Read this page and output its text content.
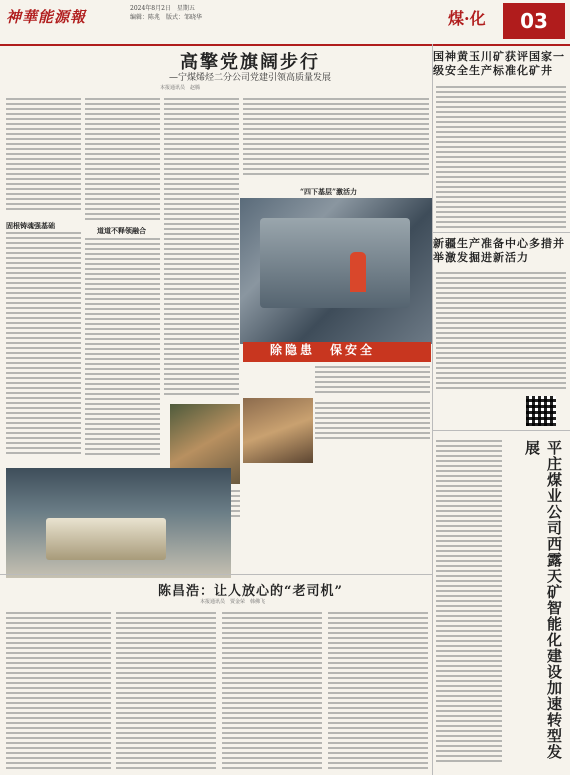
神華能源報	2024年8月2日　星期五
编辑：陈兆　版式：邹晓华	煤·化	03
高擎党旗阔步行
—宁煤烯烃二分公司党建引领高质量发展
本报通讯员　赵腾
固根铸魂强基础
道道不释领融合
“四下基层”激活力
除隐患　保安全
陈昌浩：让人放心的“老司机”
本报通讯员　贾金荣　韩佛飞
国神黄玉川矿获评国家一级安全生产标准化矿井
新疆生产准备中心多措并举激发掘进新活力
平庄煤业公司西露天矿智能化建设加速转型发展
